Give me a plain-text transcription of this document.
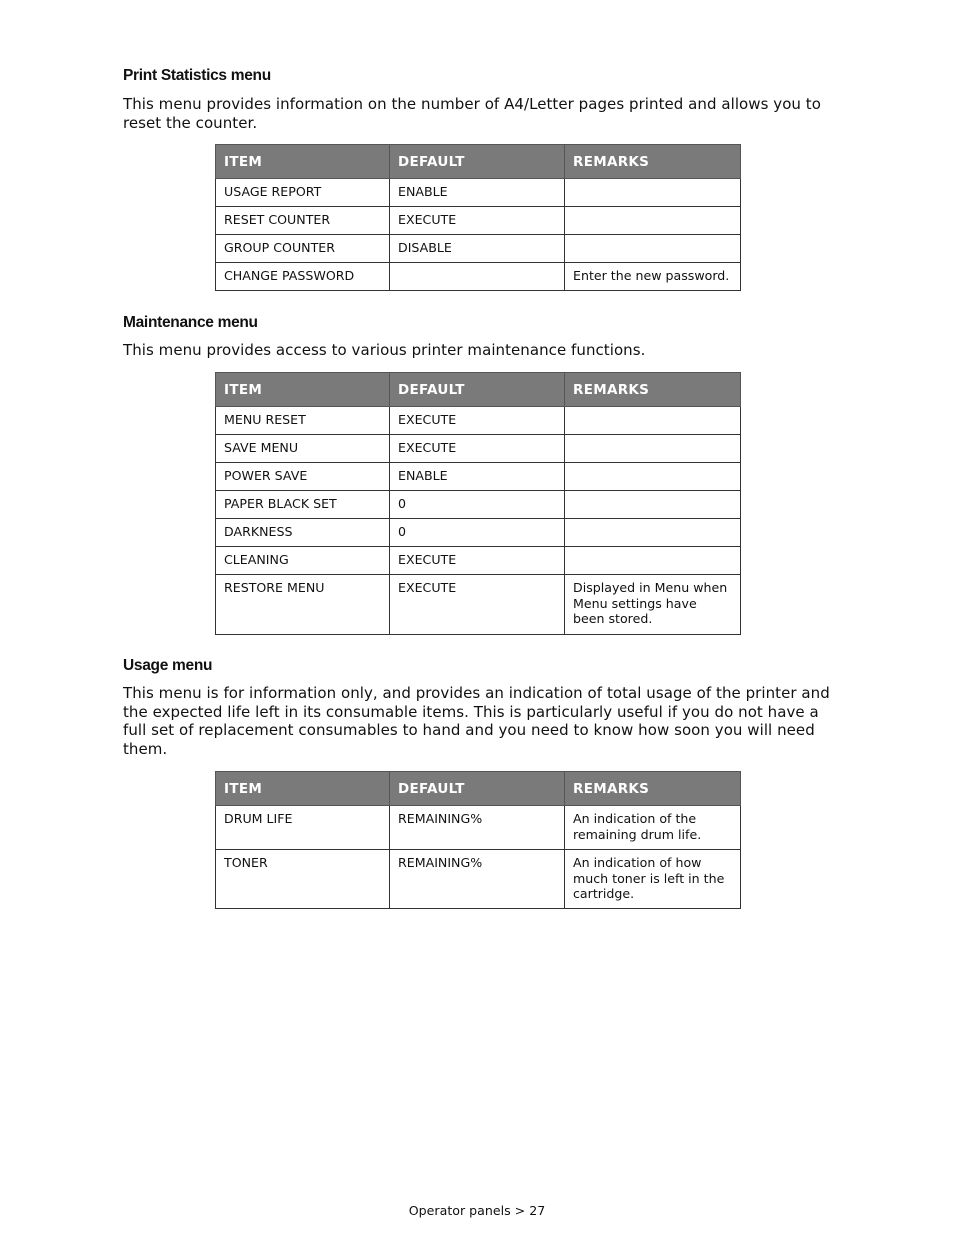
Print Statistics menu

This menu provides information on the number of A4/Letter pages printed and allows you to reset the counter.

ITEM	DEFAULT	REMARKS
USAGE REPORT	ENABLE	
RESET COUNTER	EXECUTE	
GROUP COUNTER	DISABLE	
CHANGE PASSWORD		Enter the new password.
Maintenance menu

This menu provides access to various printer maintenance functions.

ITEM	DEFAULT	REMARKS
MENU RESET	EXECUTE	
SAVE MENU	EXECUTE	
POWER SAVE	ENABLE	
PAPER BLACK SET	0	
DARKNESS	0	
CLEANING	EXECUTE	
RESTORE MENU	EXECUTE	Displayed in Menu when Menu settings have been stored.
Usage menu

This menu is for information only, and provides an indication of total usage of the printer and the expected life left in its consumable items. This is particularly useful if you do not have a full set of replacement consumables to hand and you need to know how soon you will need them.

ITEM	DEFAULT	REMARKS
DRUM LIFE	REMAINING%	An indication of the remaining drum life.
TONER	REMAINING%	An indication of how much toner is left in the cartridge.
Operator panels > 27
